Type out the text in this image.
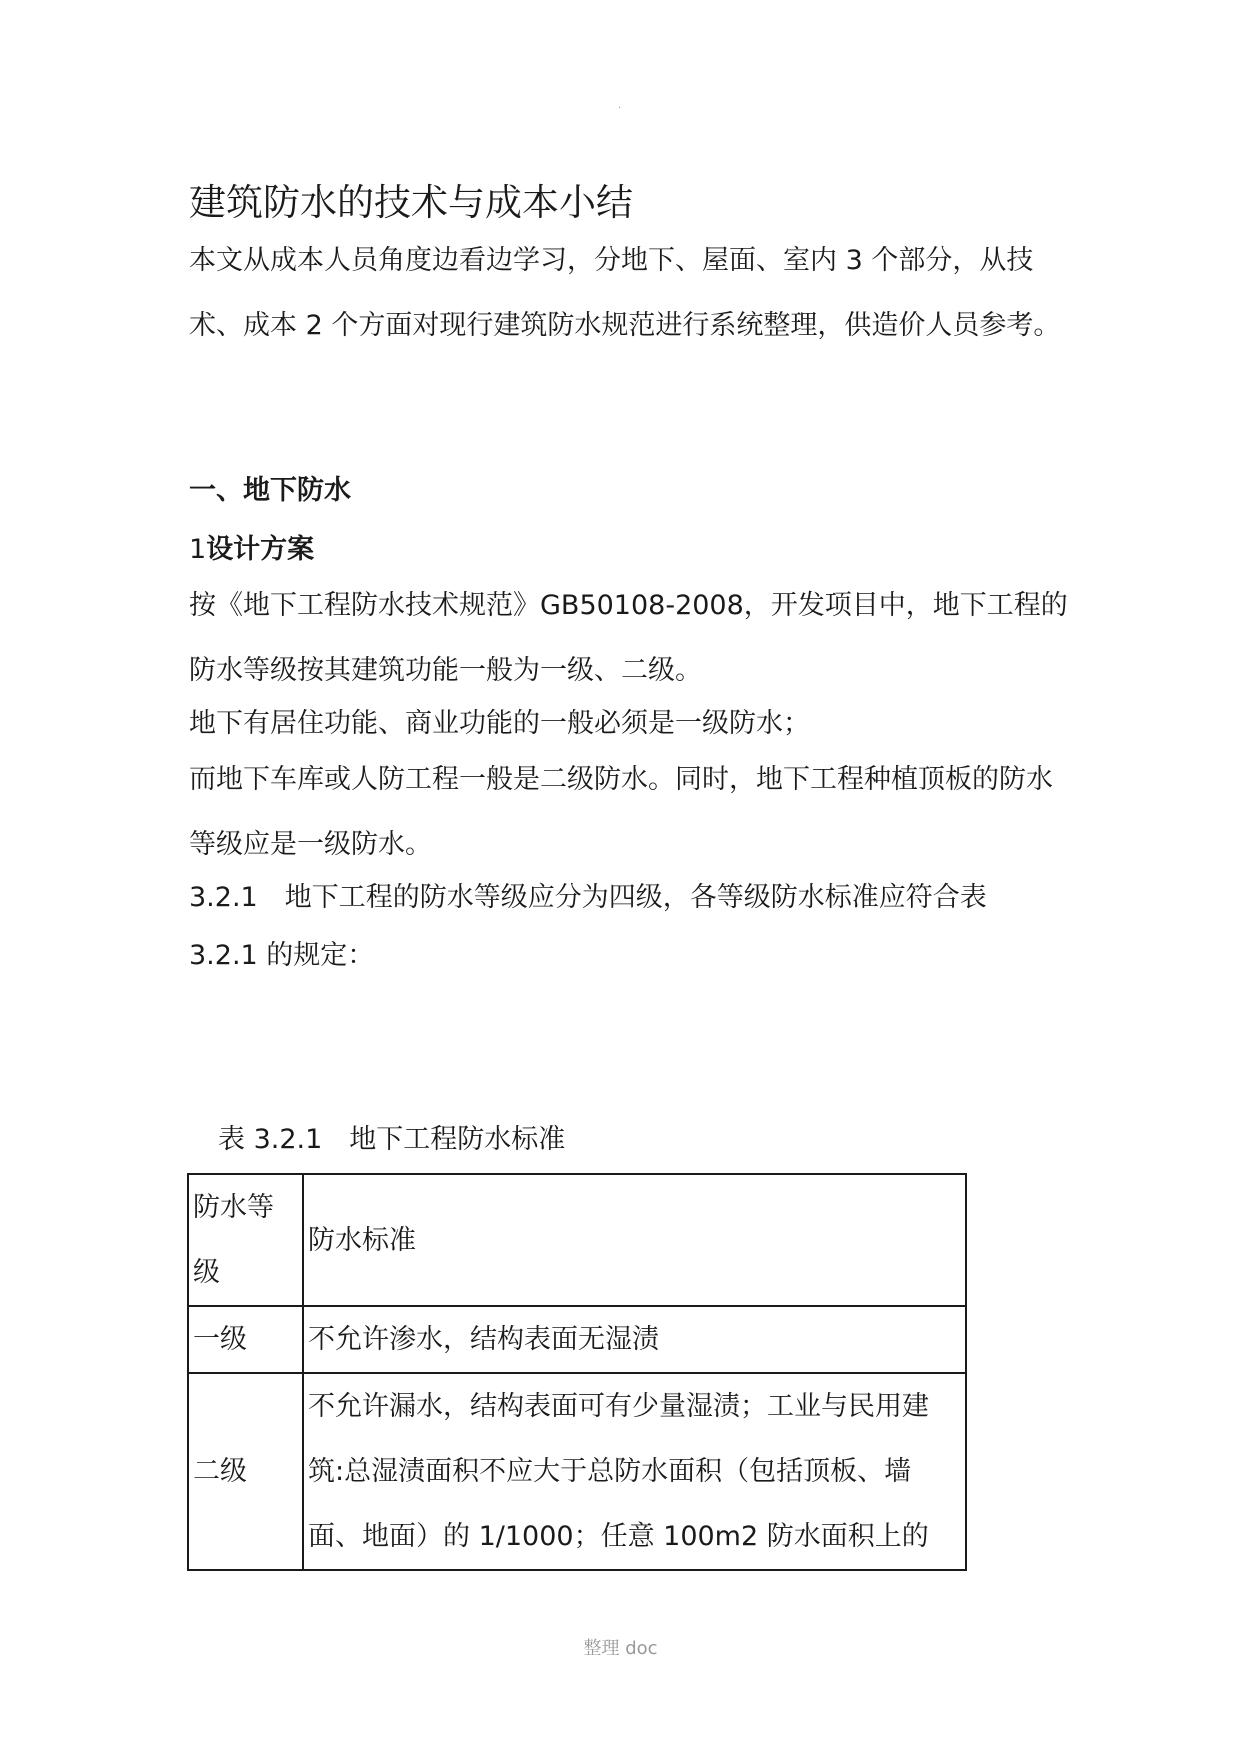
.
建筑防水的技术与成本小结
本文从成本人员角度边看边学习，分地下、屋面、室内 3 个部分，从技术、成本 2 个方面对现行建筑防水规范进行系统整理，供造价人员参考。
一、地下防水
1设计方案
按《地下工程防水技术规范》GB50108-2008，开发项目中，地下工程的防水等级按其建筑功能一般为一级、二级。
地下有居住功能、商业功能的一般必须是一级防水；
而地下车库或人防工程一般是二级防水。同时，地下工程种植顶板的防水等级应是一级防水。
3.2.1　地下工程的防水等级应分为四级，各等级防水标准应符合表
3.2.1 的规定：
表 3.2.1　地下工程防水标准
防水等级	防水标准
一级	不允许渗水，结构表面无湿渍
二级	不允许漏水，结构表面可有少量湿渍；工业与民用建筑:总湿渍面积不应大于总防水面积（包括顶板、墙面、地面）的 1/1000；任意 100m2 防水面积上的
整理 doc
